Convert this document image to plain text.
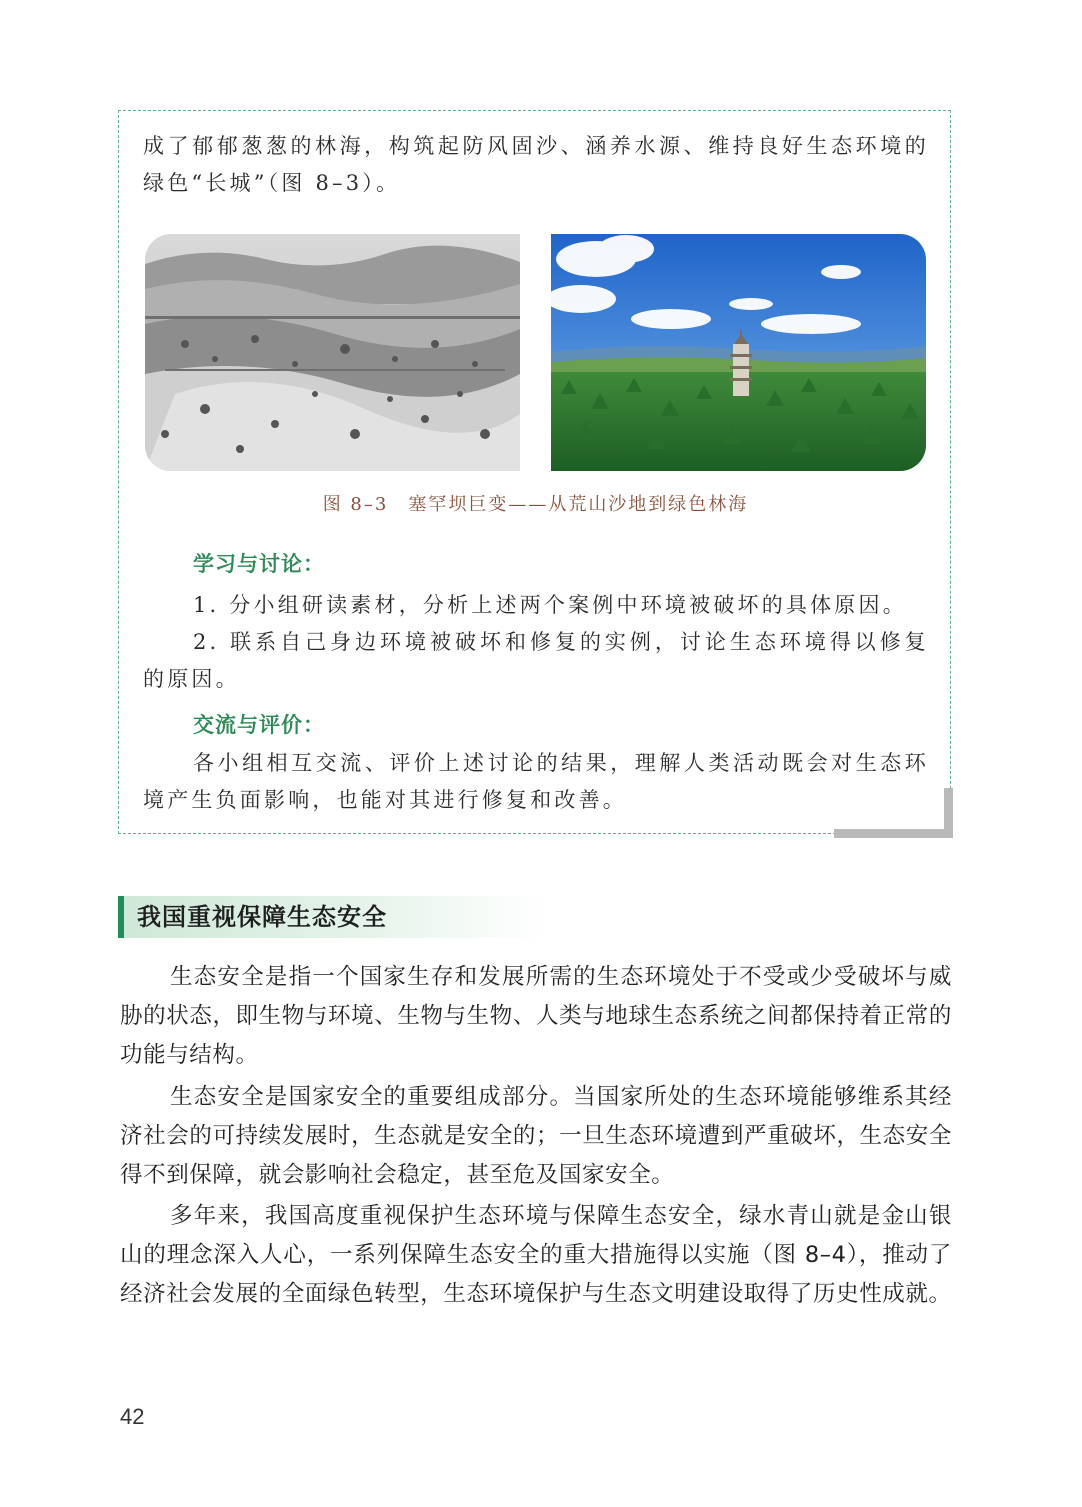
成了郁郁葱葱的林海，构筑起防风固沙、涵养水源、维持良好生态环境的绿色“长城”（图 8–3）。

图 8–3　塞罕坝巨变——从荒山沙地到绿色林海

学习与讨论：

1. 分小组研读素材，分析上述两个案例中环境被破坏的具体原因。

2. 联系自己身边环境被破坏和修复的实例，讨论生态环境得以修复的原因。

交流与评价：

各小组相互交流、评价上述讨论的结果，理解人类活动既会对生态环境产生负面影响，也能对其进行修复和改善。

我国重视保障生态安全

生态安全是指一个国家生存和发展所需的生态环境处于不受或少受破坏与威胁的状态，即生物与环境、生物与生物、人类与地球生态系统之间都保持着正常的功能与结构。

生态安全是国家安全的重要组成部分。当国家所处的生态环境能够维系其经济社会的可持续发展时，生态就是安全的；一旦生态环境遭到严重破坏，生态安全得不到保障，就会影响社会稳定，甚至危及国家安全。

多年来，我国高度重视保护生态环境与保障生态安全，绿水青山就是金山银山的理念深入人心，一系列保障生态安全的重大措施得以实施（图 8–4），推动了经济社会发展的全面绿色转型，生态环境保护与生态文明建设取得了历史性成就。

42
